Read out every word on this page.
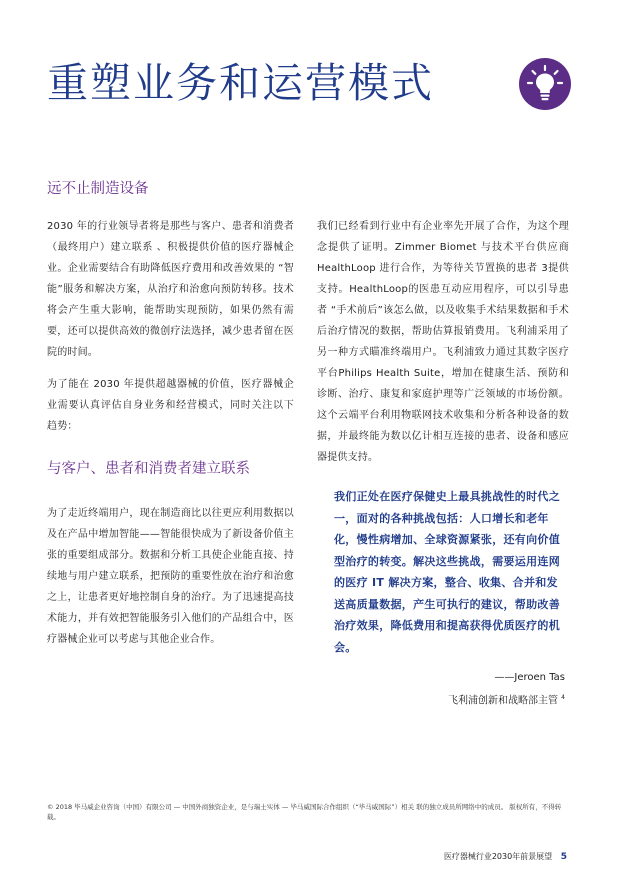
重塑业务和运营模式
远不止制造设备

2030 年的行业领导者将是那些与客户、患者和消费者（最终用户）建立联系 、积极提供价值的医疗器械企业。企业需要结合有助降低医疗费用和改善效果的 “智能”服务和解决方案，从治疗和治愈向预防转移。技术将会产生重大影响，能帮助实现预防，如果仍然有需要，还可以提供高效的微创疗法选择，减少患者留在医院的时间。

为了能在 2030 年提供超越器械的价值，医疗器械企业需要认真评估自身业务和经营模式，同时关注以下 趋势：

与客户、患者和消费者建立联系

为了走近终端用户，现在制造商比以往更应利用数据以及在产品中增加智能——智能很快成为了新设备价值主张的重要组成部分。数据和分析工具使企业能直接、持续地与用户建立联系，把预防的重要性放在治疗和治愈之上，让患者更好地控制自身的治疗。为了迅速提高技术能力，并有效把智能服务引入他们的产品组合中，医疗器械企业可以考虑与其他企业合作。

我们已经看到行业中有企业率先开展了合作，为这个理念提供了证明。Zimmer Biomet 与技术平台供应商 HealthLoop 进行合作，为等待关节置换的患者 3提供支持。HealthLoop的医患互动应用程序，可以引导患者 “手术前后”该怎么做，以及收集手术结果数据和手术后治疗情况的数据，帮助估算报销费用。飞利浦采用了另一种方式瞄准终端用户。飞利浦致力通过其数字医疗平台Philips Health Suite，增加在健康生活、预防和诊断、治疗、康复和家庭护理等广泛领域的市场份额。这个云端平台利用物联网技术收集和分析各种设备的数据，并最终能为数以亿计相互连接的患者、设备和感应器提供支持。

我们正处在医疗保健史上最具挑战性的时代之一，面对的各种挑战包括：人口增长和老年化，慢性病增加、全球资源紧张，还有向价值型治疗的转变。解决这些挑战，需要运用连网的医疗 IT 解决方案，整合、收集、合并和发送高质量数据，产生可执行的建议，帮助改善治疗效果，降低费用和提高获得优质医疗的机会。

——Jeroen Tas
飞利浦创新和战略部主管 $^4$
© 2018 毕马威企业咨询（中国）有限公司 — 中国外商独资企业，是与瑞士实体 — 毕马威国际合作组织（“毕马威国际”）相关 联的独立成员所网络中的成员。 版权所有，不得转载。
医疗器械行业2030年前景展望 5
